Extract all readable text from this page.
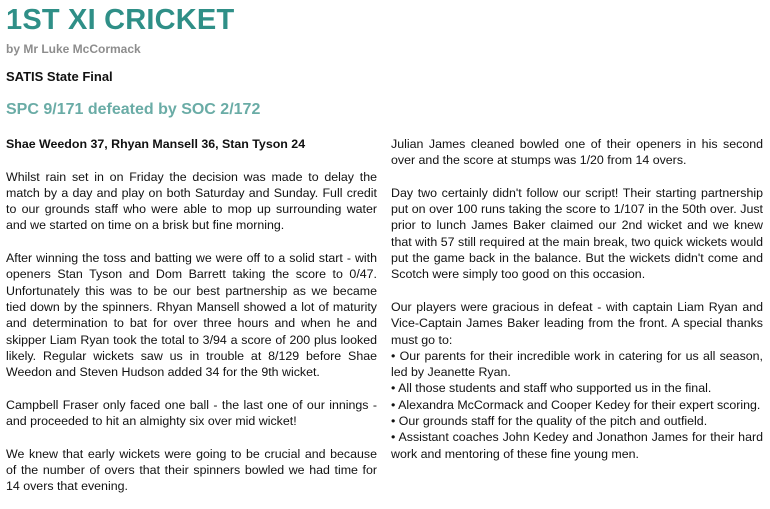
1ST XI CRICKET
by Mr Luke McCormack
SATIS State Final
SPC 9/171 defeated by SOC 2/172
Shae Weedon 37, Rhyan Mansell 36, Stan Tyson 24

Whilst rain set in on Friday the decision was made to delay the match by a day and play on both Saturday and Sunday. Full credit to our grounds staff who were able to mop up surrounding water and we started on time on a brisk but fine morning.

After winning the toss and batting we were off to a solid start - with openers Stan Tyson and Dom Barrett taking the score to 0/47. Unfortunately this was to be our best partnership as we became tied down by the spinners. Rhyan Mansell showed a lot of maturity and determination to bat for over three hours and when he and skipper Liam Ryan took the total to 3/94 a score of 200 plus looked likely. Regular wickets saw us in trouble at 8/129 before Shae Weedon and Steven Hudson added 34 for the 9th wicket.

Campbell Fraser only faced one ball - the last one of our innings - and proceeded to hit an almighty six over mid wicket!

We knew that early wickets were going to be crucial and because of the number of overs that their spinners bowled we had time for 14 overs that evening.

Julian James cleaned bowled one of their openers in his second over and the score at stumps was 1/20 from 14 overs.

Day two certainly didn't follow our script! Their starting partnership put on over 100 runs taking the score to 1/107 in the 50th over. Just prior to lunch James Baker claimed our 2nd wicket and we knew that with 57 still required at the main break, two quick wickets would put the game back in the balance. But the wickets didn't come and Scotch were simply too good on this occasion.

Our players were gracious in defeat - with captain Liam Ryan and Vice-Captain James Baker leading from the front. A special thanks must go to:

• Our parents for their incredible work in catering for us all season, led by Jeanette Ryan.
• All those students and staff who supported us in the final.
• Alexandra McCormack and Cooper Kedey for their expert scoring.
• Our grounds staff for the quality of the pitch and outfield.
• Assistant coaches John Kedey and Jonathon James for their hard work and mentoring of these fine young men.
